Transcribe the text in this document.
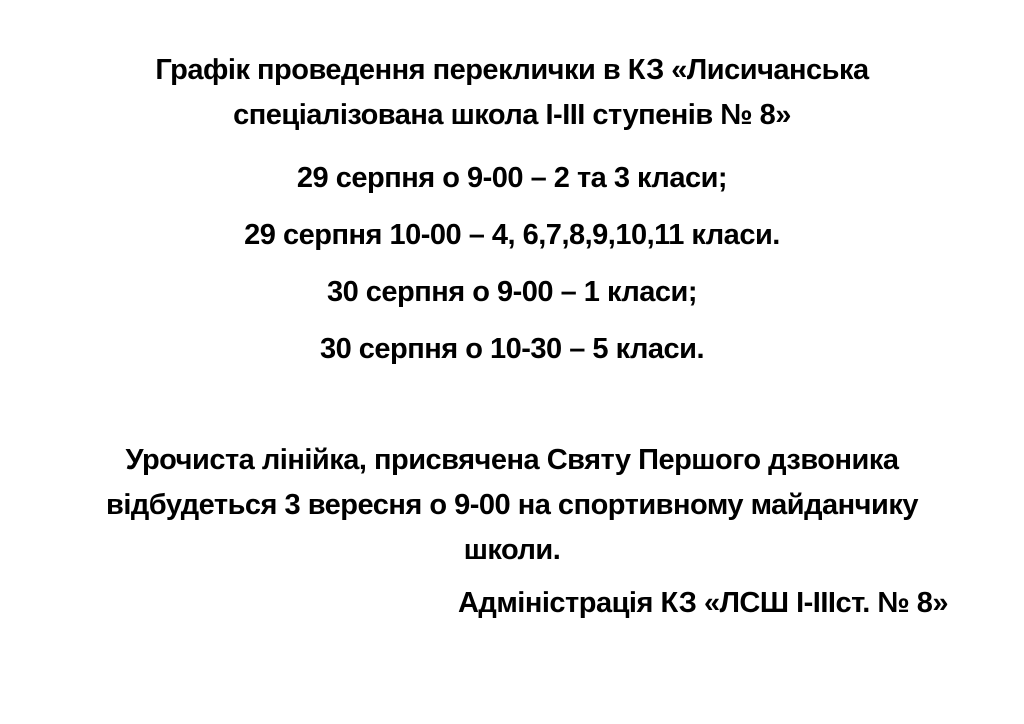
Графік проведення переклички в КЗ «Лисичанська
спеціалізована школа І-ІІІ ступенів № 8»
29 серпня о 9-00 – 2 та 3 класи;
29 серпня 10-00 – 4, 6,7,8,9,10,11 класи.
30 серпня о 9-00 – 1 класи;
30 серпня о 10-30 – 5 класи.
Урочиста лінійка, присвячена Святу Першого дзвоника
відбудеться 3 вересня о 9-00 на спортивному майданчику
школи.
Адміністрація КЗ «ЛСШ І-ІІІст. № 8»
